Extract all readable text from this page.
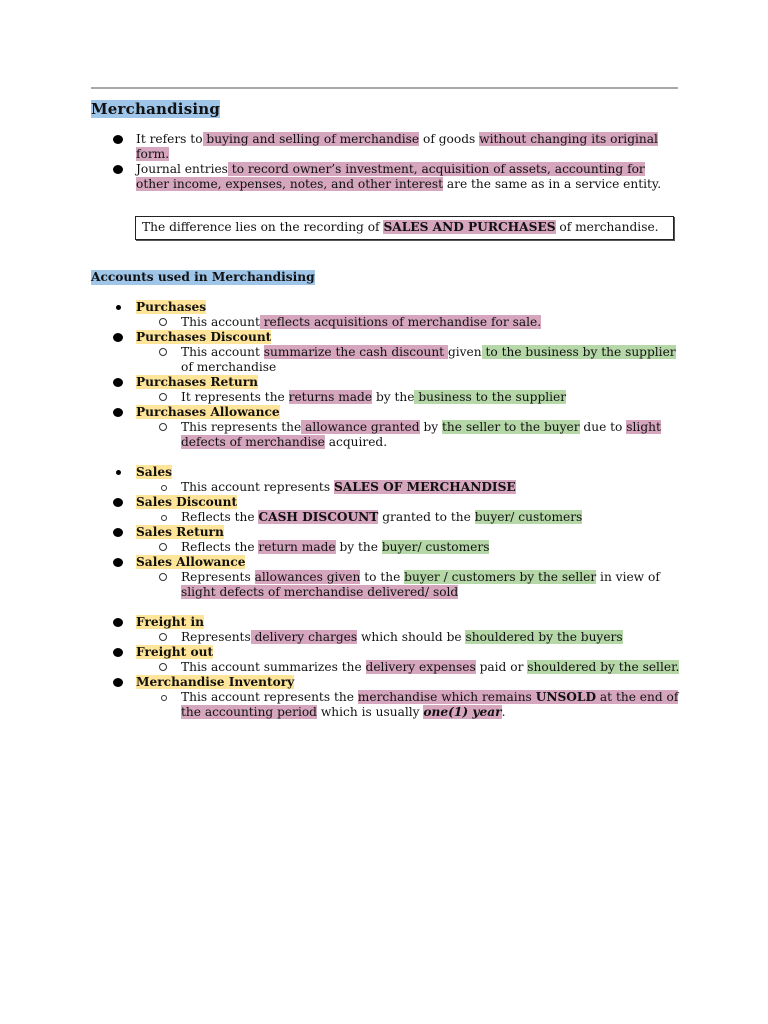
Merchandising
It refers to buying and selling of merchandise of goods without changing its original form.
Journal entries to record owner’s investment, acquisition of assets, accounting for other income, expenses, notes, and other interest are the same as in a service entity.
The difference lies on the recording of SALES AND PURCHASES of merchandise.
Accounts used in Merchandising
Purchases
This account reflects acquisitions of merchandise for sale.
Purchases Discount
This account summarize the cash discount given to the business by the supplier of merchandise
Purchases Return
It represents the returns made by the business to the supplier
Purchases Allowance
This represents the allowance granted by the seller to the buyer due to slight defects of merchandise acquired.
Sales
This account represents SALES OF MERCHANDISE
Sales Discount
Reflects the CASH DISCOUNT granted to the buyer/ customers
Sales Return
Reflects the return made by the buyer/ customers
Sales Allowance
Represents allowances given to the buyer / customers by the seller in view of slight defects of merchandise delivered/ sold
Freight in
Represents delivery charges which should be shouldered by the buyers
Freight out
This account summarizes the delivery expenses paid or shouldered by the seller.
Merchandise Inventory
This account represents the merchandise which remains UNSOLD at the end of the accounting period which is usually one(1) year.
